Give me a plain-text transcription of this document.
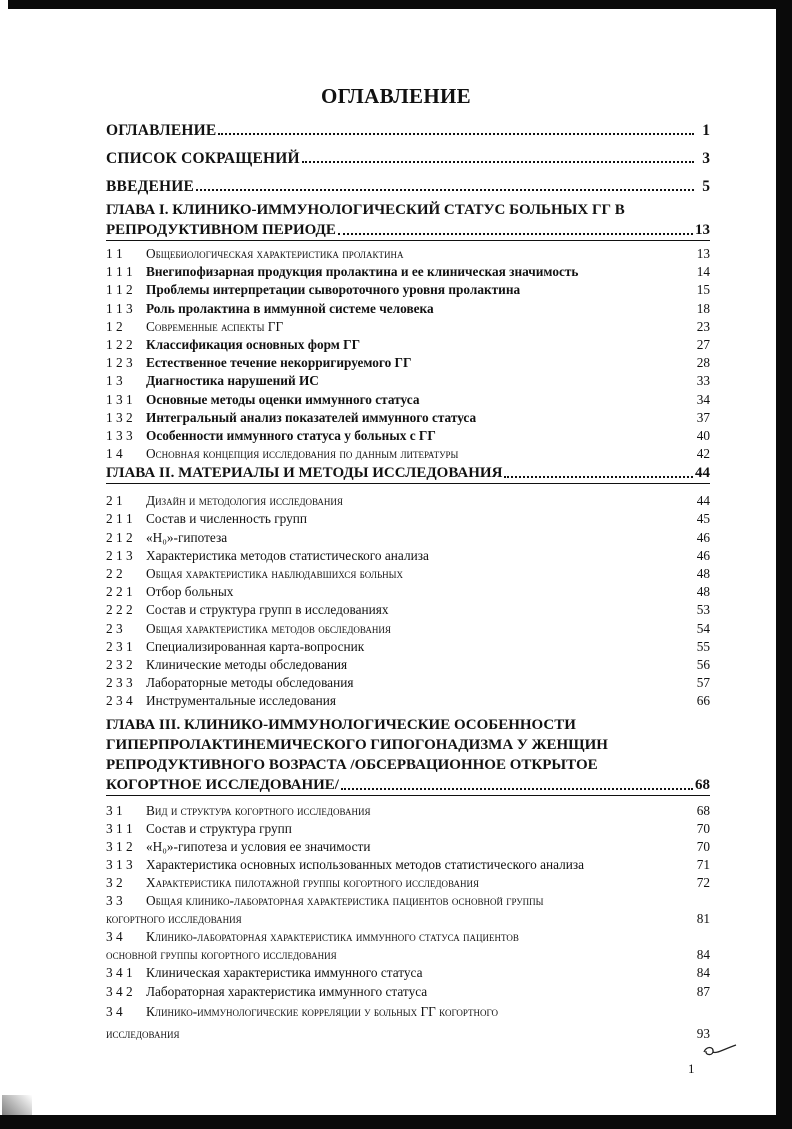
ОГЛАВЛЕНИЕ
ОГЛАВЛЕНИЕ	1
СПИСОК СОКРАЩЕНИЙ	3
ВВЕДЕНИЕ	5
ГЛАВА I. КЛИНИКО-ИММУНОЛОГИЧЕСКИЙ СТАТУС БОЛЬНЫХ ГГ В
РЕПРОДУКТИВНОМ ПЕРИОДЕ	13
1 1	Общебиологическая характеристика пролактина	13
1 1 1	Внегипофизарная продукция пролактина и ее клиническая значимость	14
1 1 2	Проблемы интерпретации сывороточного уровня пролактина	15
1 1 3	Роль пролактина в иммунной системе человека	18
1 2	Современные аспекты ГГ	23
1 2 2	Классификация основных форм ГГ	27
1 2 3	Естественное течение некорригируемого ГГ	28
1 3	Диагностика нарушений ИС	33
1 3 1	Основные методы оценки иммунного статуса	34
1 3 2	Интегральный анализ показателей иммунного статуса	37
1 3 3	Особенности иммунного статуса у больных с ГГ	40
1 4	Основная концепция исследования по данным литературы	42
ГЛАВА II. МАТЕРИАЛЫ И МЕТОДЫ ИССЛЕДОВАНИЯ	44
2 1	Дизайн и методология исследования	44
2 1 1	Состав и численность групп	45
2 1 2	«H₀»-гипотеза	46
2 1 3	Характеристика методов статистического анализа	46
2 2	Общая характеристика наблюдавшихся больных	48
2 2 1	Отбор больных	48
2 2 2	Состав и структура групп в исследованиях	53
2 3	Общая характеристика методов обследования	54
2 3 1	Специализированная карта-вопросник	55
2 3 2	Клинические методы обследования	56
2 3 3	Лабораторные методы обследования	57
2 3 4	Инструментальные исследования	66
ГЛАВА III. КЛИНИКО-ИММУНОЛОГИЧЕСКИЕ ОСОБЕННОСТИ
ГИПЕРПРОЛАКТИНЕМИЧЕСКОГО ГИПОГОНАДИЗМА У ЖЕНЩИН
РЕПРОДУКТИВНОГО ВОЗРАСТА /ОБСЕРВАЦИОННОЕ ОТКРЫТОЕ
КОГОРТНОЕ ИССЛЕДОВАНИЕ/	68
3 1	Вид и структура когортного исследования	68
3 1 1	Состав и структура групп	70
3 1 2	«H₀»-гипотеза и условия ее значимости	70
3 1 3	Характеристика основных использованных методов статистического анализа	71
3 2	Характеристика пилотажной группы когортного исследования	72
3 3	Общая клинико-лабораторная характеристика пациентов основной группы
когортного исследования	81
3 4	Клинико-лабораторная характеристика иммунного статуса пациентов
основной группы когортного исследования	84
3 4 1	Клиническая характеристика иммунного статуса	84
3 4 2	Лабораторная характеристика иммунного статуса	87
3 4	Клинико-иммунологические корреляции у больных ГГ когортного
исследования	93
1
